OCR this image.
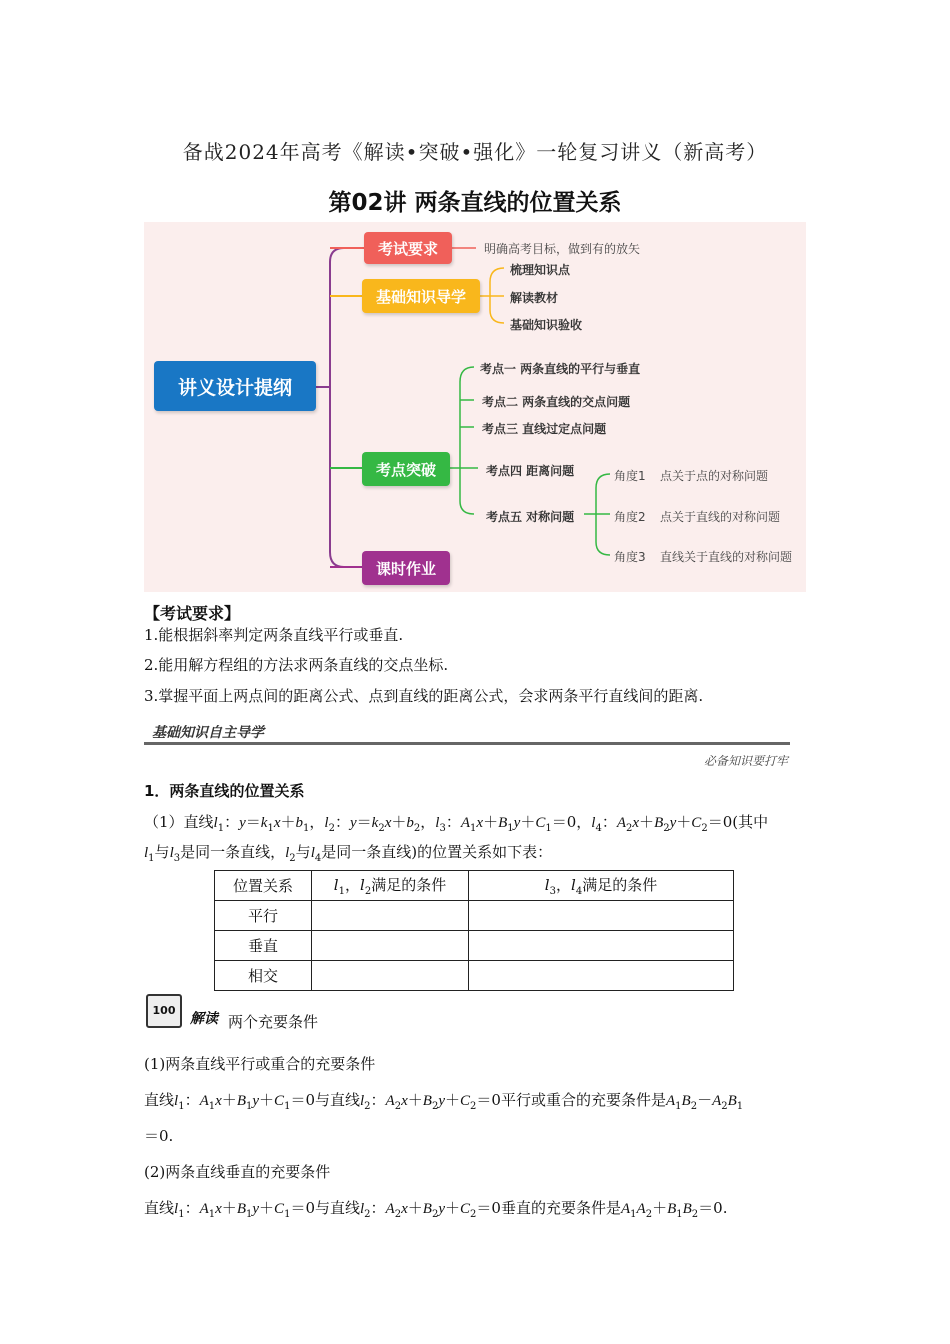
备战2024年高考《解读•突破•强化》一轮复习讲义（新高考）
第02讲 两条直线的位置关系
讲义设计提纲
考试要求	明确高考目标，做到有的放矢
基础知识导学
梳理知识点
解读教材
基础知识验收
考点突破
考点一 两条直线的平行与垂直
考点二 两条直线的交点问题
考点三 直线过定点问题
考点四 距离问题
考点五 对称问题
角度1 点关于点的对称问题
角度2 点关于直线的对称问题
角度3 直线关于直线的对称问题
课时作业
【考试要求】
1.能根据斜率判定两条直线平行或垂直.
2.能用解方程组的方法求两条直线的交点坐标.
3.掌握平面上两点间的距离公式、点到直线的距离公式，会求两条平行直线间的距离.
基础知识自主导学
必备知识要打牢
1．两条直线的位置关系
（1）直线$l_1$：$y=k_1x+b_1$，$l_2$：$y=k_2x+b_2$，$l_3$：$A_1x+B_1y+C_1=0$，$l_4$：$A_2x+B_2y+C_2=0$(其中
$l_1$与$l_3$是同一条直线，$l_2$与$l_4$是同一条直线)的位置关系如下表：
位置关系	$l_1$，$l_2$满足的条件	$l_3$，$l_4$满足的条件
平行		
垂直		
相交		
100
解读 两个充要条件
(1)两条直线平行或重合的充要条件
直线$l_1$：$A_1x+B_1y+C_1=0$与直线$l_2$：$A_2x+B_2y+C_2=0$平行或重合的充要条件是$A_1B_2-A_2B_1$
＝0.
(2)两条直线垂直的充要条件
直线$l_1$：$A_1x+B_1y+C_1=0$与直线$l_2$：$A_2x+B_2y+C_2=0$垂直的充要条件是$A_1A_2+B_1B_2=0$.
